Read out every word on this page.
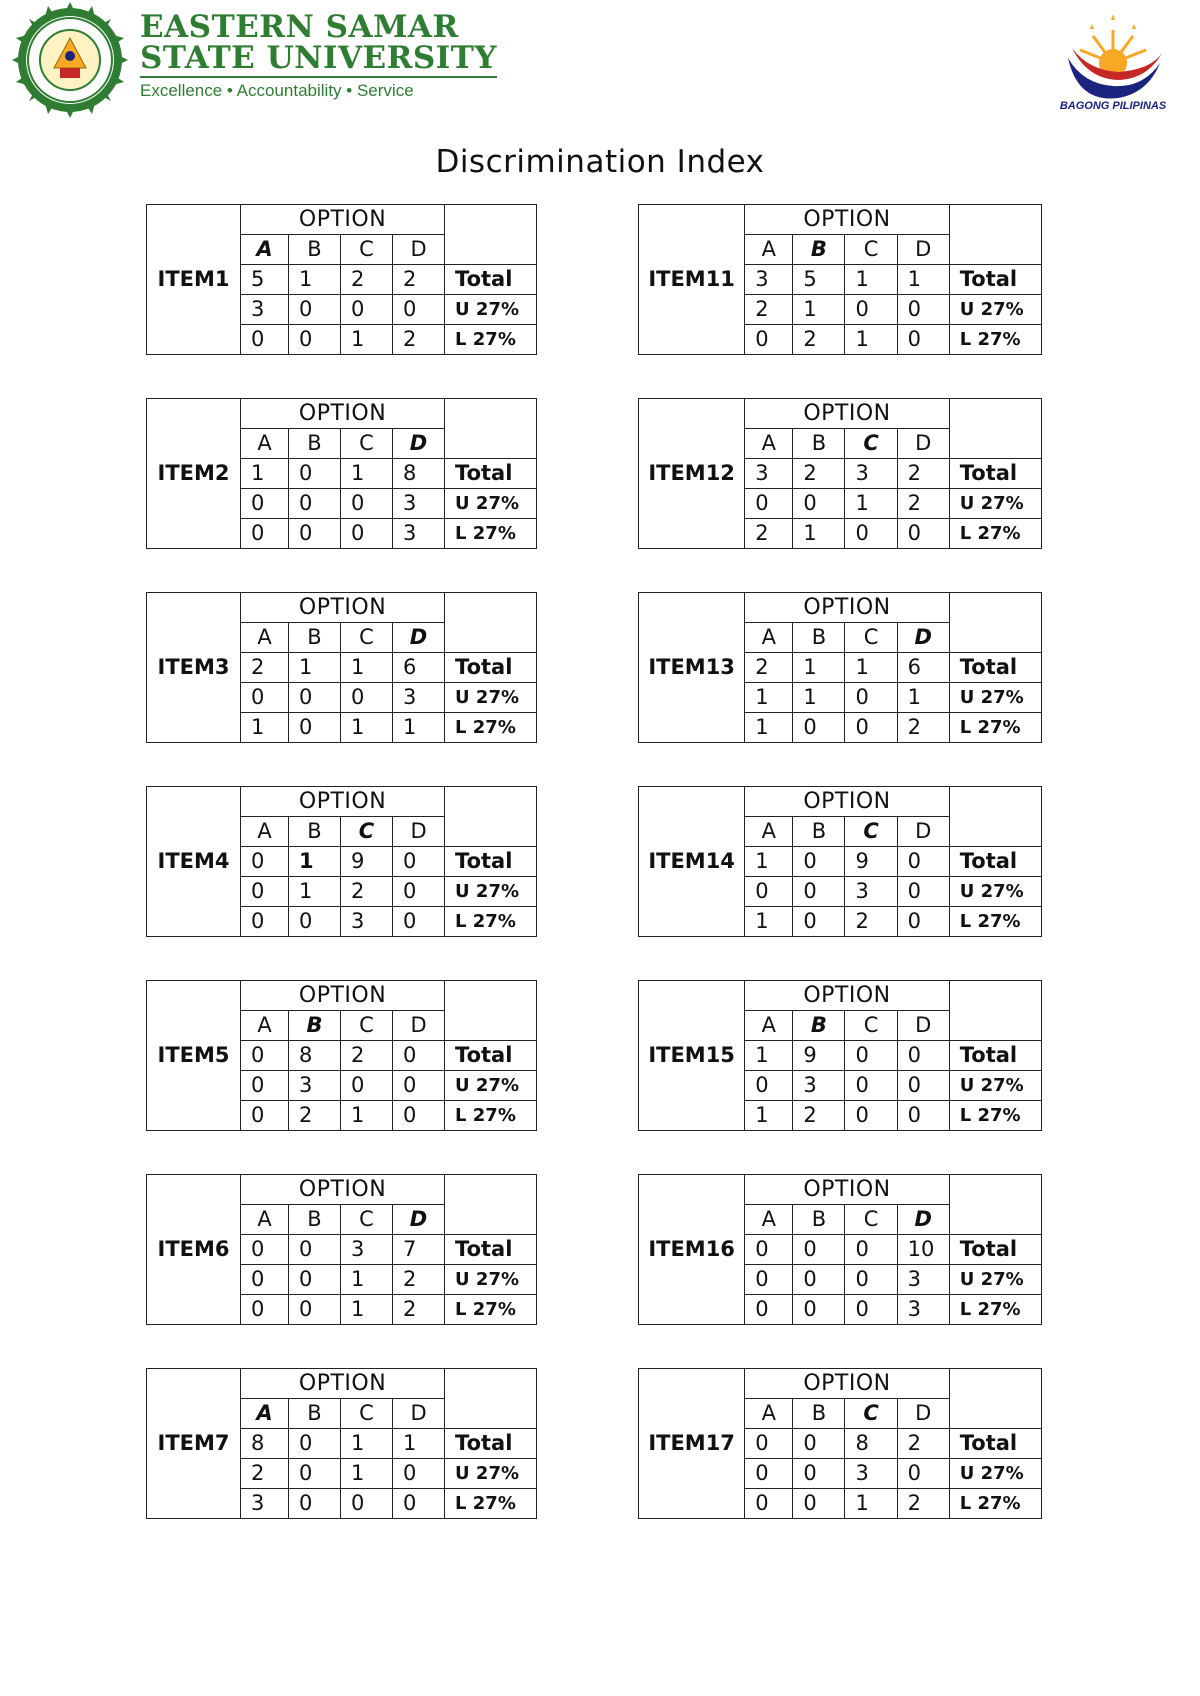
EASTERN SAMAR
STATE UNIVERSITY
Excellence • Accountability • Service
BAGONG PILIPINAS
Discrimination Index
ITEM1	OPTION				
	A	B	C	D	
	5	1	2	2	Total
	3	0	0	0	U 27%
	0	0	1	2	L 27%
ITEM2	OPTION				
	A	B	C	D	
	1	0	1	8	Total
	0	0	0	3	U 27%
	0	0	0	3	L 27%
ITEM3	OPTION				
	A	B	C	D	
	2	1	1	6	Total
	0	0	0	3	U 27%
	1	0	1	1	L 27%
ITEM4	OPTION				
	A	B	C	D	
	0	1	9	0	Total
	0	1	2	0	U 27%
	0	0	3	0	L 27%
ITEM5	OPTION				
	A	B	C	D	
	0	8	2	0	Total
	0	3	0	0	U 27%
	0	2	1	0	L 27%
ITEM6	OPTION				
	A	B	C	D	
	0	0	3	7	Total
	0	0	1	2	U 27%
	0	0	1	2	L 27%
ITEM7	OPTION				
	A	B	C	D	
	8	0	1	1	Total
	2	0	1	0	U 27%
	3	0	0	0	L 27%
ITEM11	OPTION				
	A	B	C	D	
	3	5	1	1	Total
	2	1	0	0	U 27%
	0	2	1	0	L 27%
ITEM12	OPTION				
	A	B	C	D	
	3	2	3	2	Total
	0	0	1	2	U 27%
	2	1	0	0	L 27%
ITEM13	OPTION				
	A	B	C	D	
	2	1	1	6	Total
	1	1	0	1	U 27%
	1	0	0	2	L 27%
ITEM14	OPTION				
	A	B	C	D	
	1	0	9	0	Total
	0	0	3	0	U 27%
	1	0	2	0	L 27%
ITEM15	OPTION				
	A	B	C	D	
	1	9	0	0	Total
	0	3	0	0	U 27%
	1	2	0	0	L 27%
ITEM16	OPTION				
	A	B	C	D	
	0	0	0	10	Total
	0	0	0	3	U 27%
	0	0	0	3	L 27%
ITEM17	OPTION				
	A	B	C	D	
	0	0	8	2	Total
	0	0	3	0	U 27%
	0	0	1	2	L 27%
